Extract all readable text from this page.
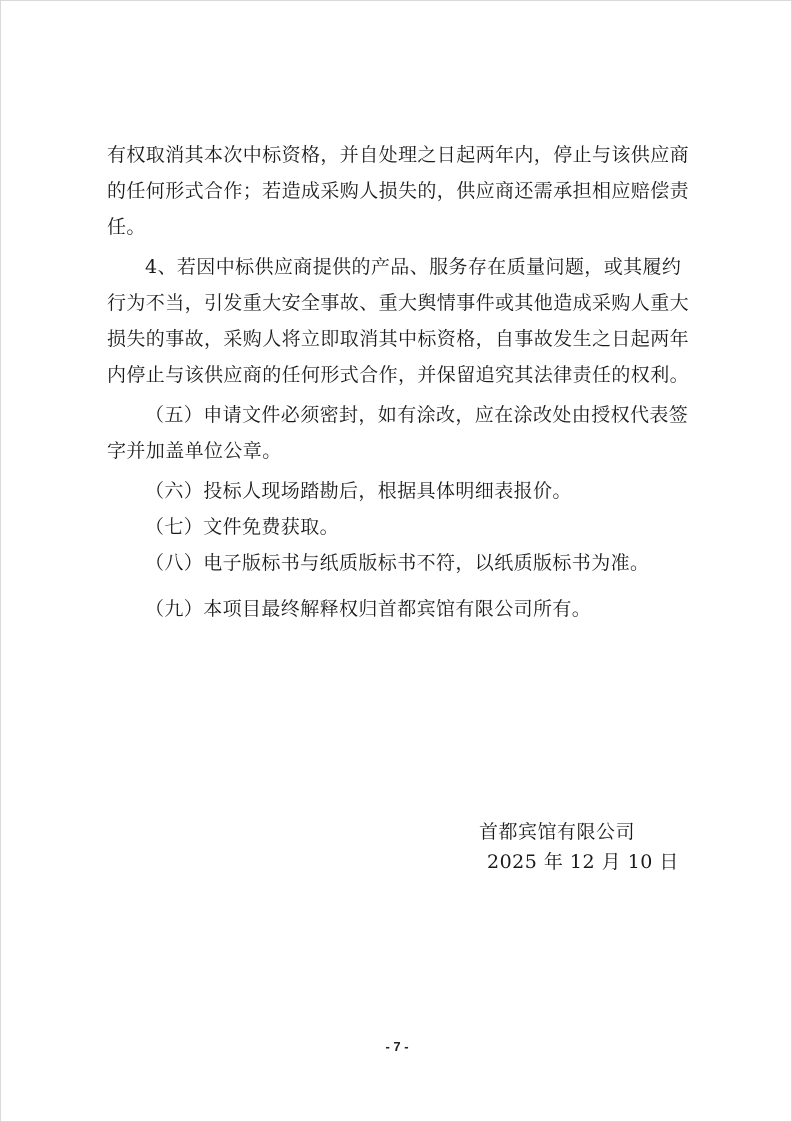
有权取消其本次中标资格，并自处理之日起两年内，停止与该供应商的任何形式合作；若造成采购人损失的，供应商还需承担相应赔偿责任。

4、若因中标供应商提供的产品、服务存在质量问题，或其履约行为不当，引发重大安全事故、重大舆情事件或其他造成采购人重大损失的事故，采购人将立即取消其中标资格，自事故发生之日起两年内停止与该供应商的任何形式合作，并保留追究其法律责任的权利。

（五）申请文件必须密封，如有涂改，应在涂改处由授权代表签字并加盖单位公章。

（六）投标人现场踏勘后，根据具体明细表报价。

（七）文件免费获取。

（八）电子版标书与纸质版标书不符，以纸质版标书为准。

（九）本项目最终解释权归首都宾馆有限公司所有。

首都宾馆有限公司
2025 年 12 月 10 日
- 7 -
